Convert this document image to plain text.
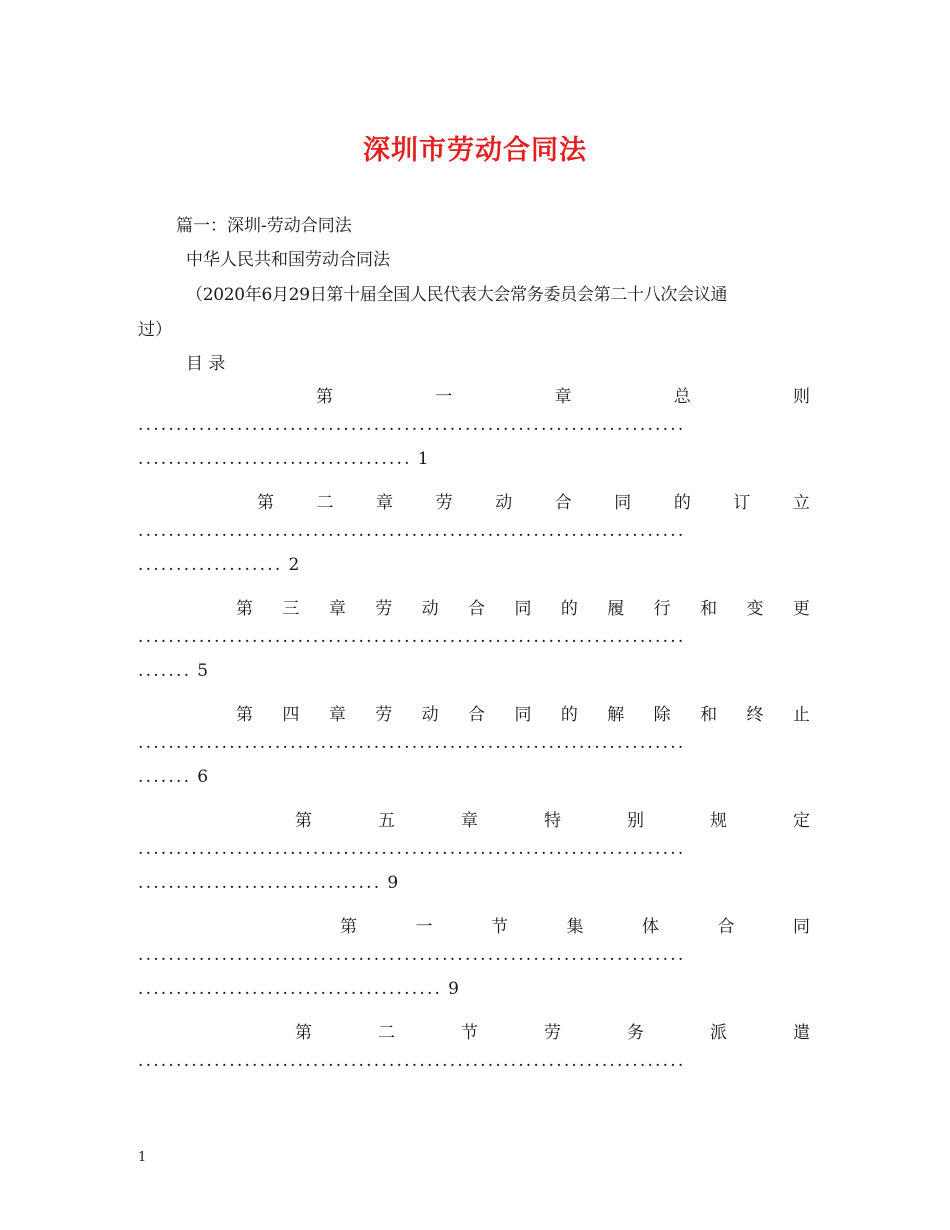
深圳市劳动合同法
篇一：深圳-劳动合同法
中华人民共和国劳动合同法
（2020年6月29日第十届全国人民代表大会常务委员会第二十八次会议通
过）
目 录
第	一	章	总	则
........................................................................
.................................... 1
第	二	章	劳	动	合	同	的	订	立
........................................................................
................... 2
第 三 章 劳 动 合 同 的 履 行 和 变 更
........................................................................
....... 5
第 四 章 劳 动 合 同 的 解 除 和 终 止
........................................................................
....... 6
第	五	章	特	别	规	定
........................................................................
................................ 9
第	一	节	集	体	合	同
........................................................................
........................................ 9
第	二	节	劳	务	派	遣
........................................................................
1
